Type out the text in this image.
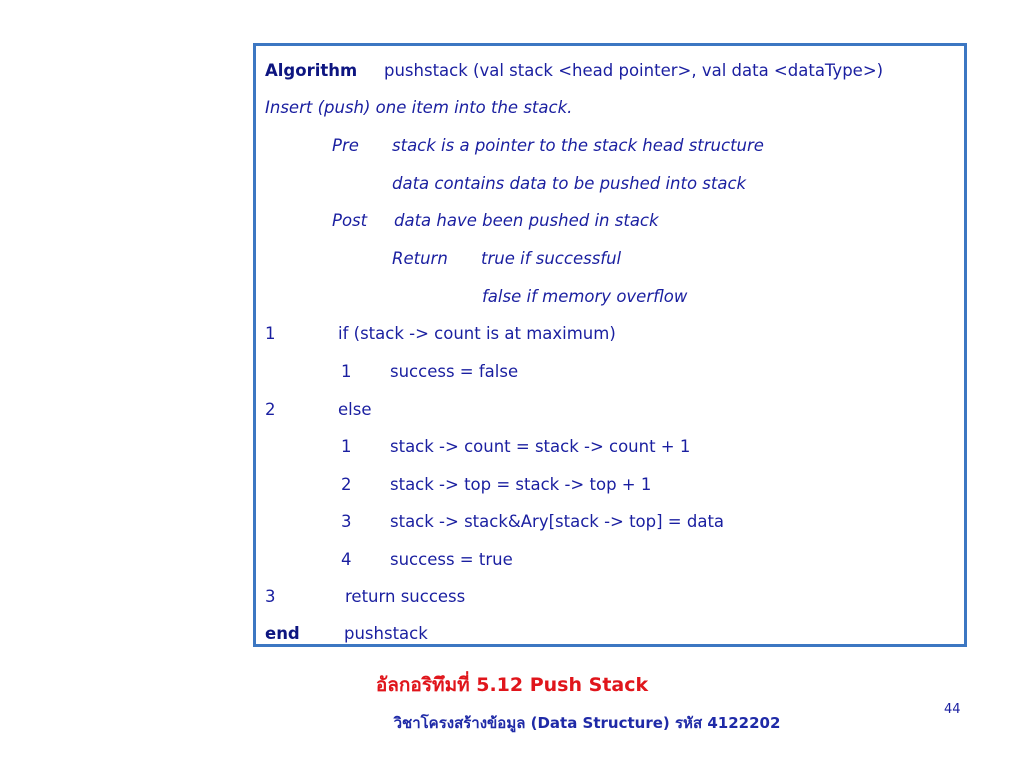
Algorithm pushstack (val stack <head pointer>, val data <dataType>)
Insert (push) one item into the stack.
Pre stack is a pointer to the stack head structure
data contains data to be pushed into stack
Post data have been pushed in stack
Return true if successful
false if memory overflow
1	if (stack -> count is at maximum)
1 success = false
2	else
1 stack -> count = stack -> count + 1
2 stack -> top = stack -> top + 1
3 stack -> stack&Ary[stack -> top] = data
4 success = true
3	return success
end	pushstack
อัลกอริทึมที่ 5.12 Push Stack
วิชาโครงสร้างข้อมูล (Data Structure) รหัส 4122202
44
